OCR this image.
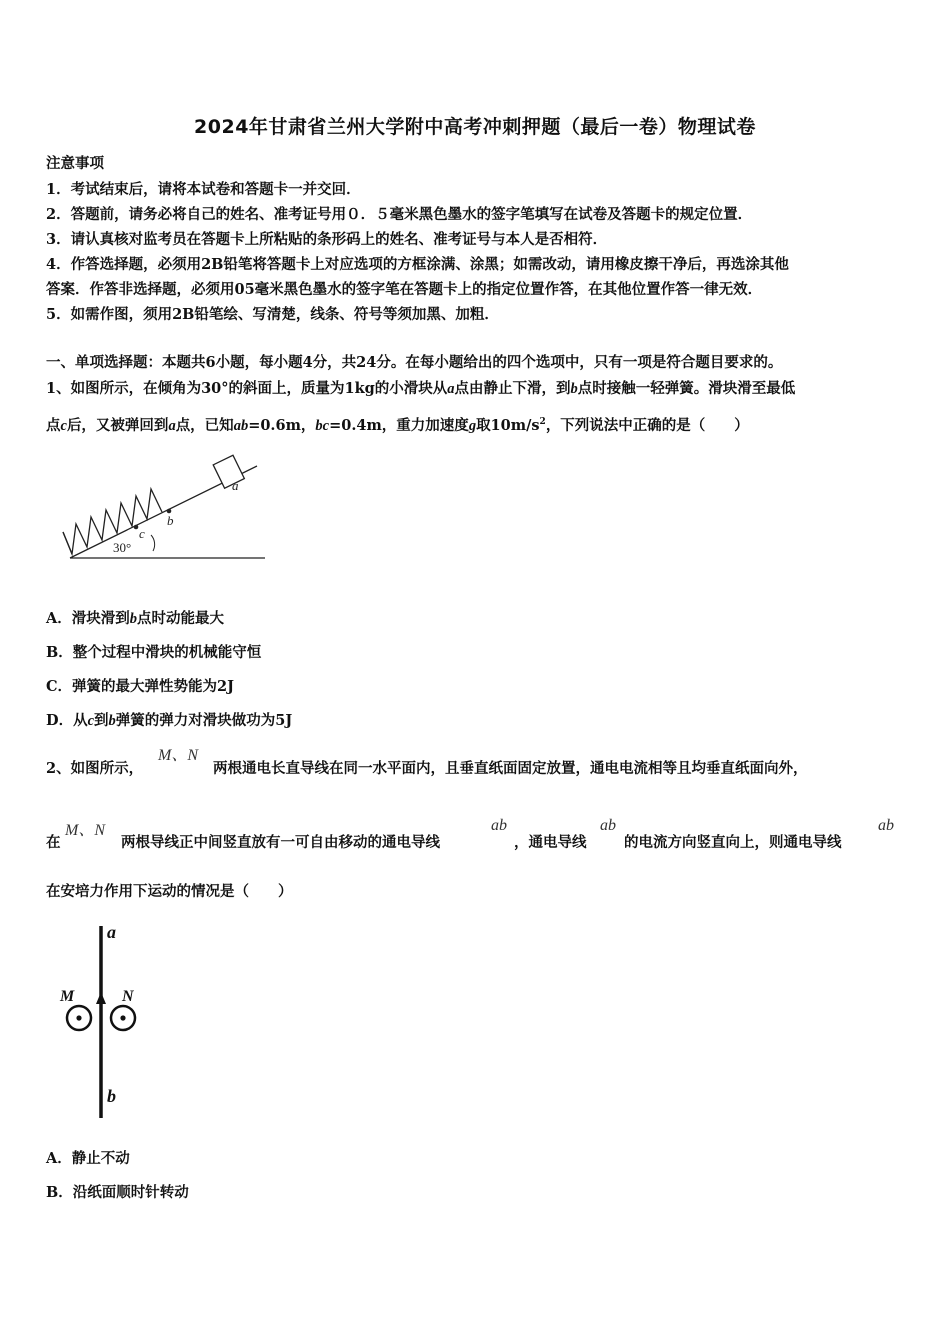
2024年甘肃省兰州大学附中高考冲刺押题（最后一卷）物理试卷
注意事项
1．考试结束后，请将本试卷和答题卡一并交回．
2．答题前，请务必将自己的姓名、准考证号用０．５毫米黑色墨水的签字笔填写在试卷及答题卡的规定位置．
3．请认真核对监考员在答题卡上所粘贴的条形码上的姓名、准考证号与本人是否相符．
4．作答选择题，必须用2B铅笔将答题卡上对应选项的方框涂满、涂黑；如需改动，请用橡皮擦干净后，再选涂其他
答案．作答非选择题，必须用05毫米黑色墨水的签字笔在答题卡上的指定位置作答，在其他位置作答一律无效．
5．如需作图，须用2B铅笔绘、写清楚，线条、符号等须加黑、加粗．
一、单项选择题：本题共6小题，每小题4分，共24分。在每小题给出的四个选项中，只有一项是符合题目要求的。
1、如图所示，在倾角为30°的斜面上，质量为1kg的小滑块从a点由静止下滑，到b点时接触一轻弹簧。滑块滑至最低
点c后，又被弹回到a点，已知ab=0.6m，bc=0.4m，重力加速度g取$10m/s^2$，下列说法中正确的是（　　）
30°
c
b
a
A．滑块滑到b点时动能最大
B．整个过程中滑块的机械能守恒
C．弹簧的最大弹性势能为2J
D．从c到b弹簧的弹力对滑块做功为5J
2、如图所示，
M、N
两根通电长直导线在同一水平面内，且垂直纸面固定放置，通电电流相等且均垂直纸面向外，
在
M、N
两根导线正中间竖直放有一可自由移动的通电导线
ab
，通电导线
ab
的电流方向竖直向上，则通电导线
ab
在安培力作用下运动的情况是（　　）
a
b
M	N
A．静止不动
B．沿纸面顺时针转动
